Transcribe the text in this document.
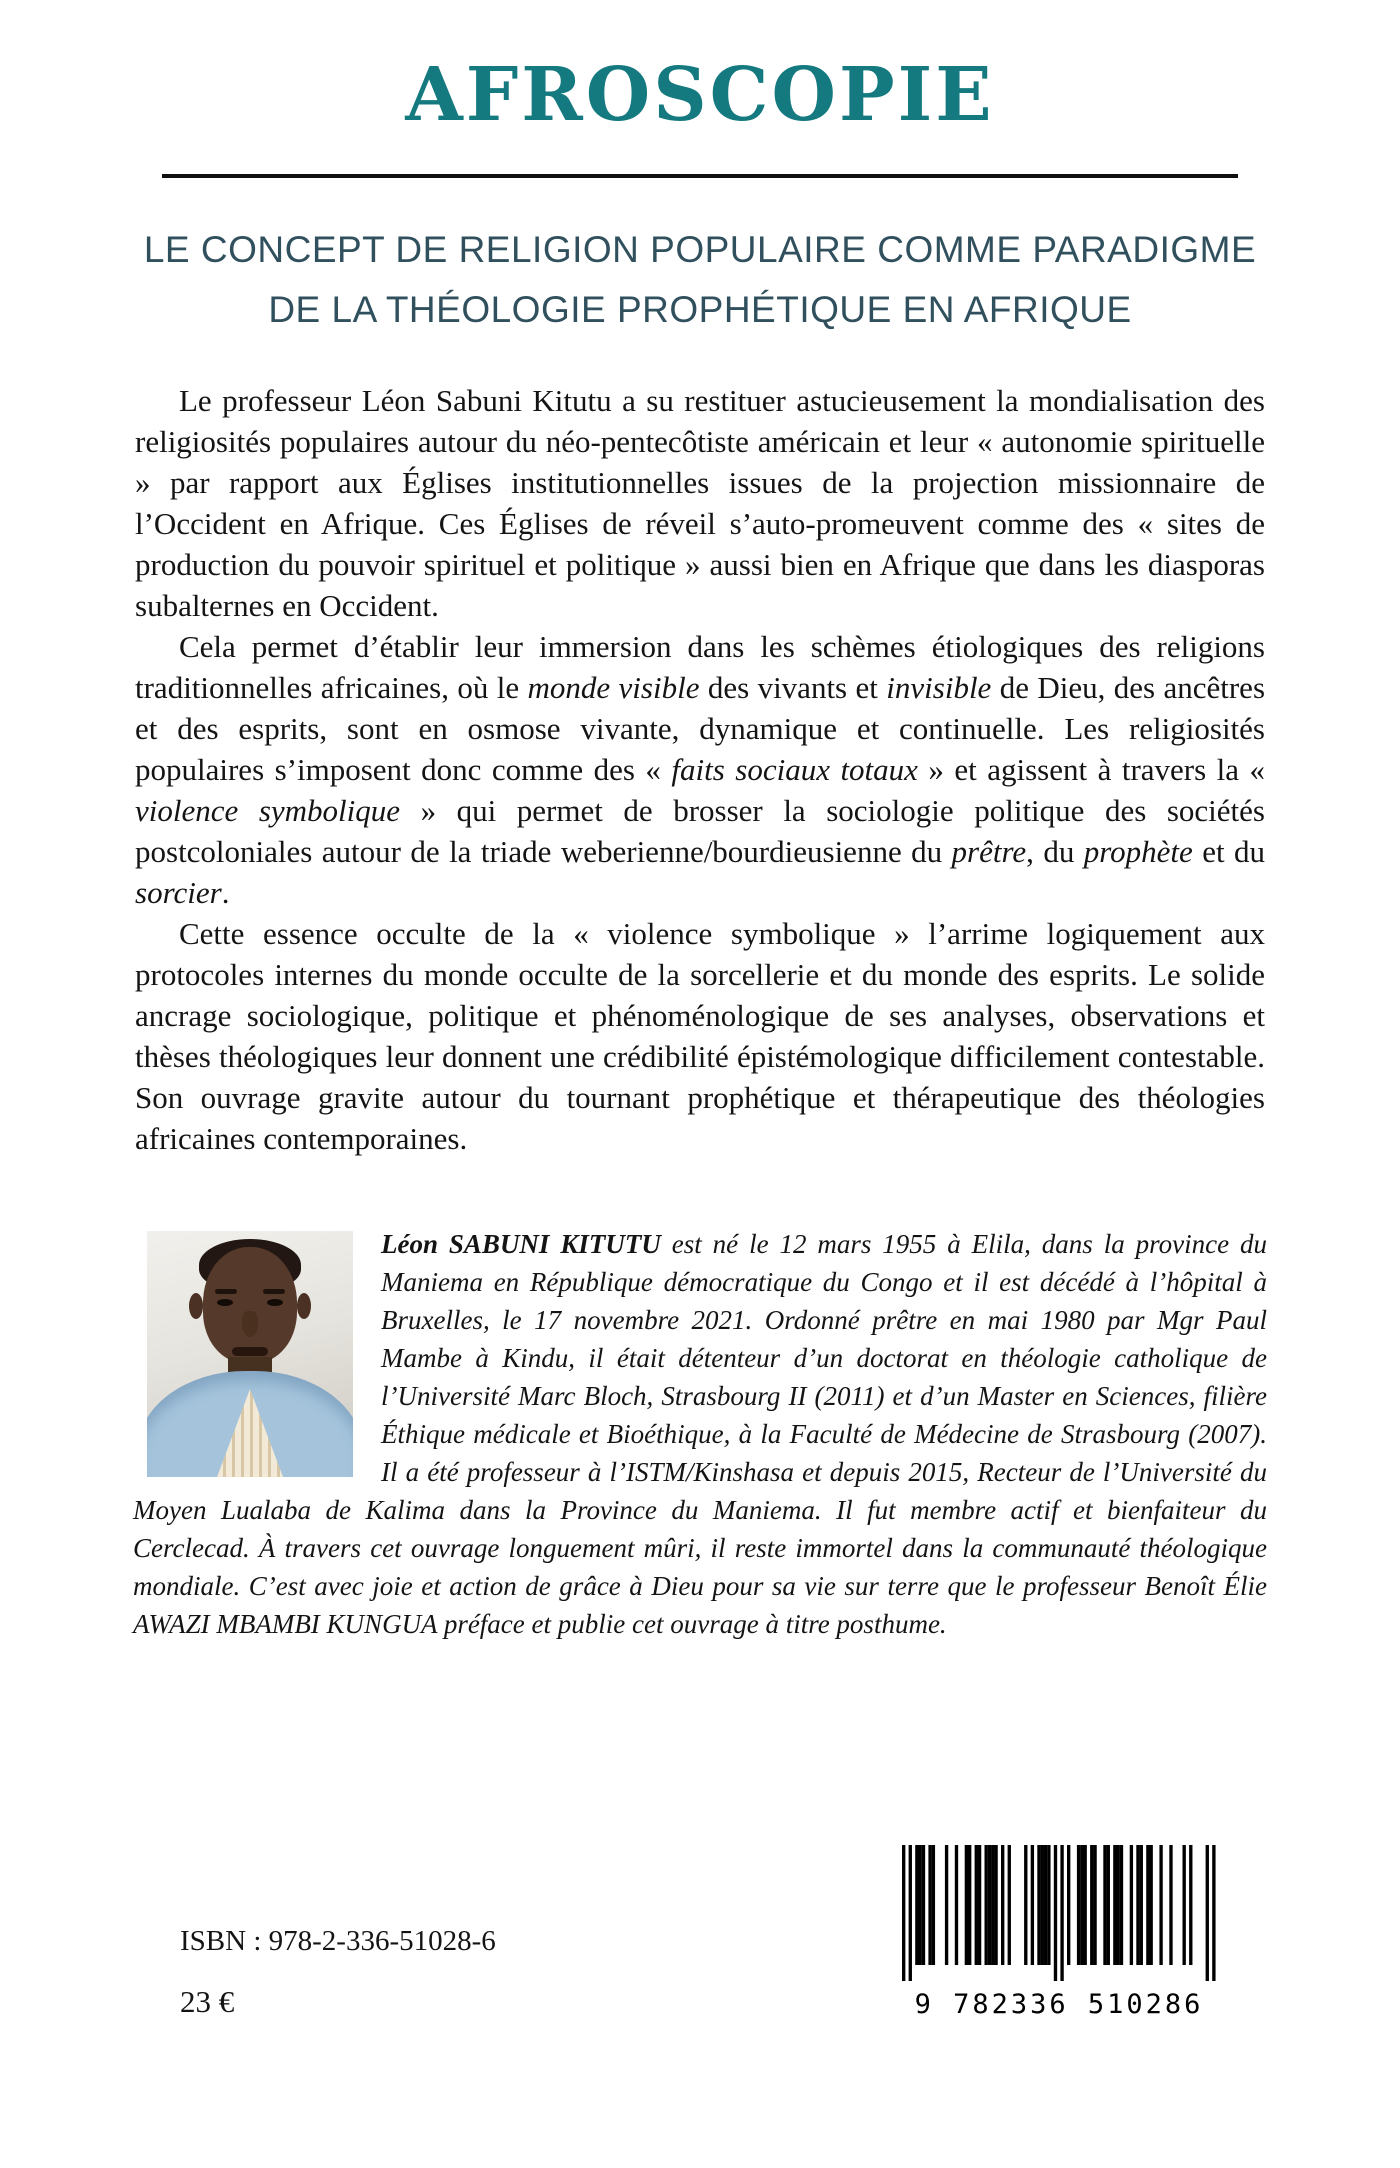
AFROSCOPIE
LE CONCEPT DE RELIGION POPULAIRE COMME PARADIGME
DE LA THÉOLOGIE PROPHÉTIQUE EN AFRIQUE

Le professeur Léon Sabuni Kitutu a su restituer astucieusement la mondialisation des religiosités populaires autour du néo-pentecôtiste américain et leur « autonomie spirituelle » par rapport aux Églises institutionnelles issues de la projection missionnaire de l’Occident en Afrique. Ces Églises de réveil s’auto-promeuvent comme des « sites de production du pouvoir spirituel et politique » aussi bien en Afrique que dans les diasporas subalternes en Occident.

Cela permet d’établir leur immersion dans les schèmes étiologiques des religions traditionnelles africaines, où le monde visible des vivants et invisible de Dieu, des ancêtres et des esprits, sont en osmose vivante, dynamique et continuelle. Les religiosités populaires s’imposent donc comme des « faits sociaux totaux » et agissent à travers la « violence symbolique » qui permet de brosser la sociologie politique des sociétés postcoloniales autour de la triade weberienne/bourdieusienne du prêtre, du prophète et du sorcier.

Cette essence occulte de la « violence symbolique » l’arrime logiquement aux protocoles internes du monde occulte de la sorcellerie et du monde des esprits. Le solide ancrage sociologique, politique et phénoménologique de ses analyses, observations et thèses théologiques leur donnent une crédibilité épistémologique difficilement contestable. Son ouvrage gravite autour du tournant prophétique et thérapeutique des théologies africaines contemporaines.

Léon SABUNI KITUTU est né le 12 mars 1955 à Elila, dans la province du Maniema en République démocratique du Congo et il est décédé à l’hôpital à Bruxelles, le 17 novembre 2021. Ordonné prêtre en mai 1980 par Mgr Paul Mambe à Kindu, il était détenteur d’un doctorat en théologie catholique de l’Université Marc Bloch, Strasbourg II (2011) et d’un Master en Sciences, filière Éthique médicale et Bioéthique, à la Faculté de Médecine de Strasbourg (2007). Il a été professeur à l’ISTM/Kinshasa et depuis 2015, Recteur de l’Université du Moyen Lualaba de Kalima dans la Province du Maniema. Il fut membre actif et bienfaiteur du Cerclecad. À travers cet ouvrage longuement mûri, il reste immortel dans la communauté théologique mondiale. C’est avec joie et action de grâce à Dieu pour sa vie sur terre que le professeur Benoît Élie AWAZI MBAMBI KUNGUA préface et publie cet ouvrage à titre posthume.

ISBN : 978-2-336-51028-6

23 €	9 782336 510286
